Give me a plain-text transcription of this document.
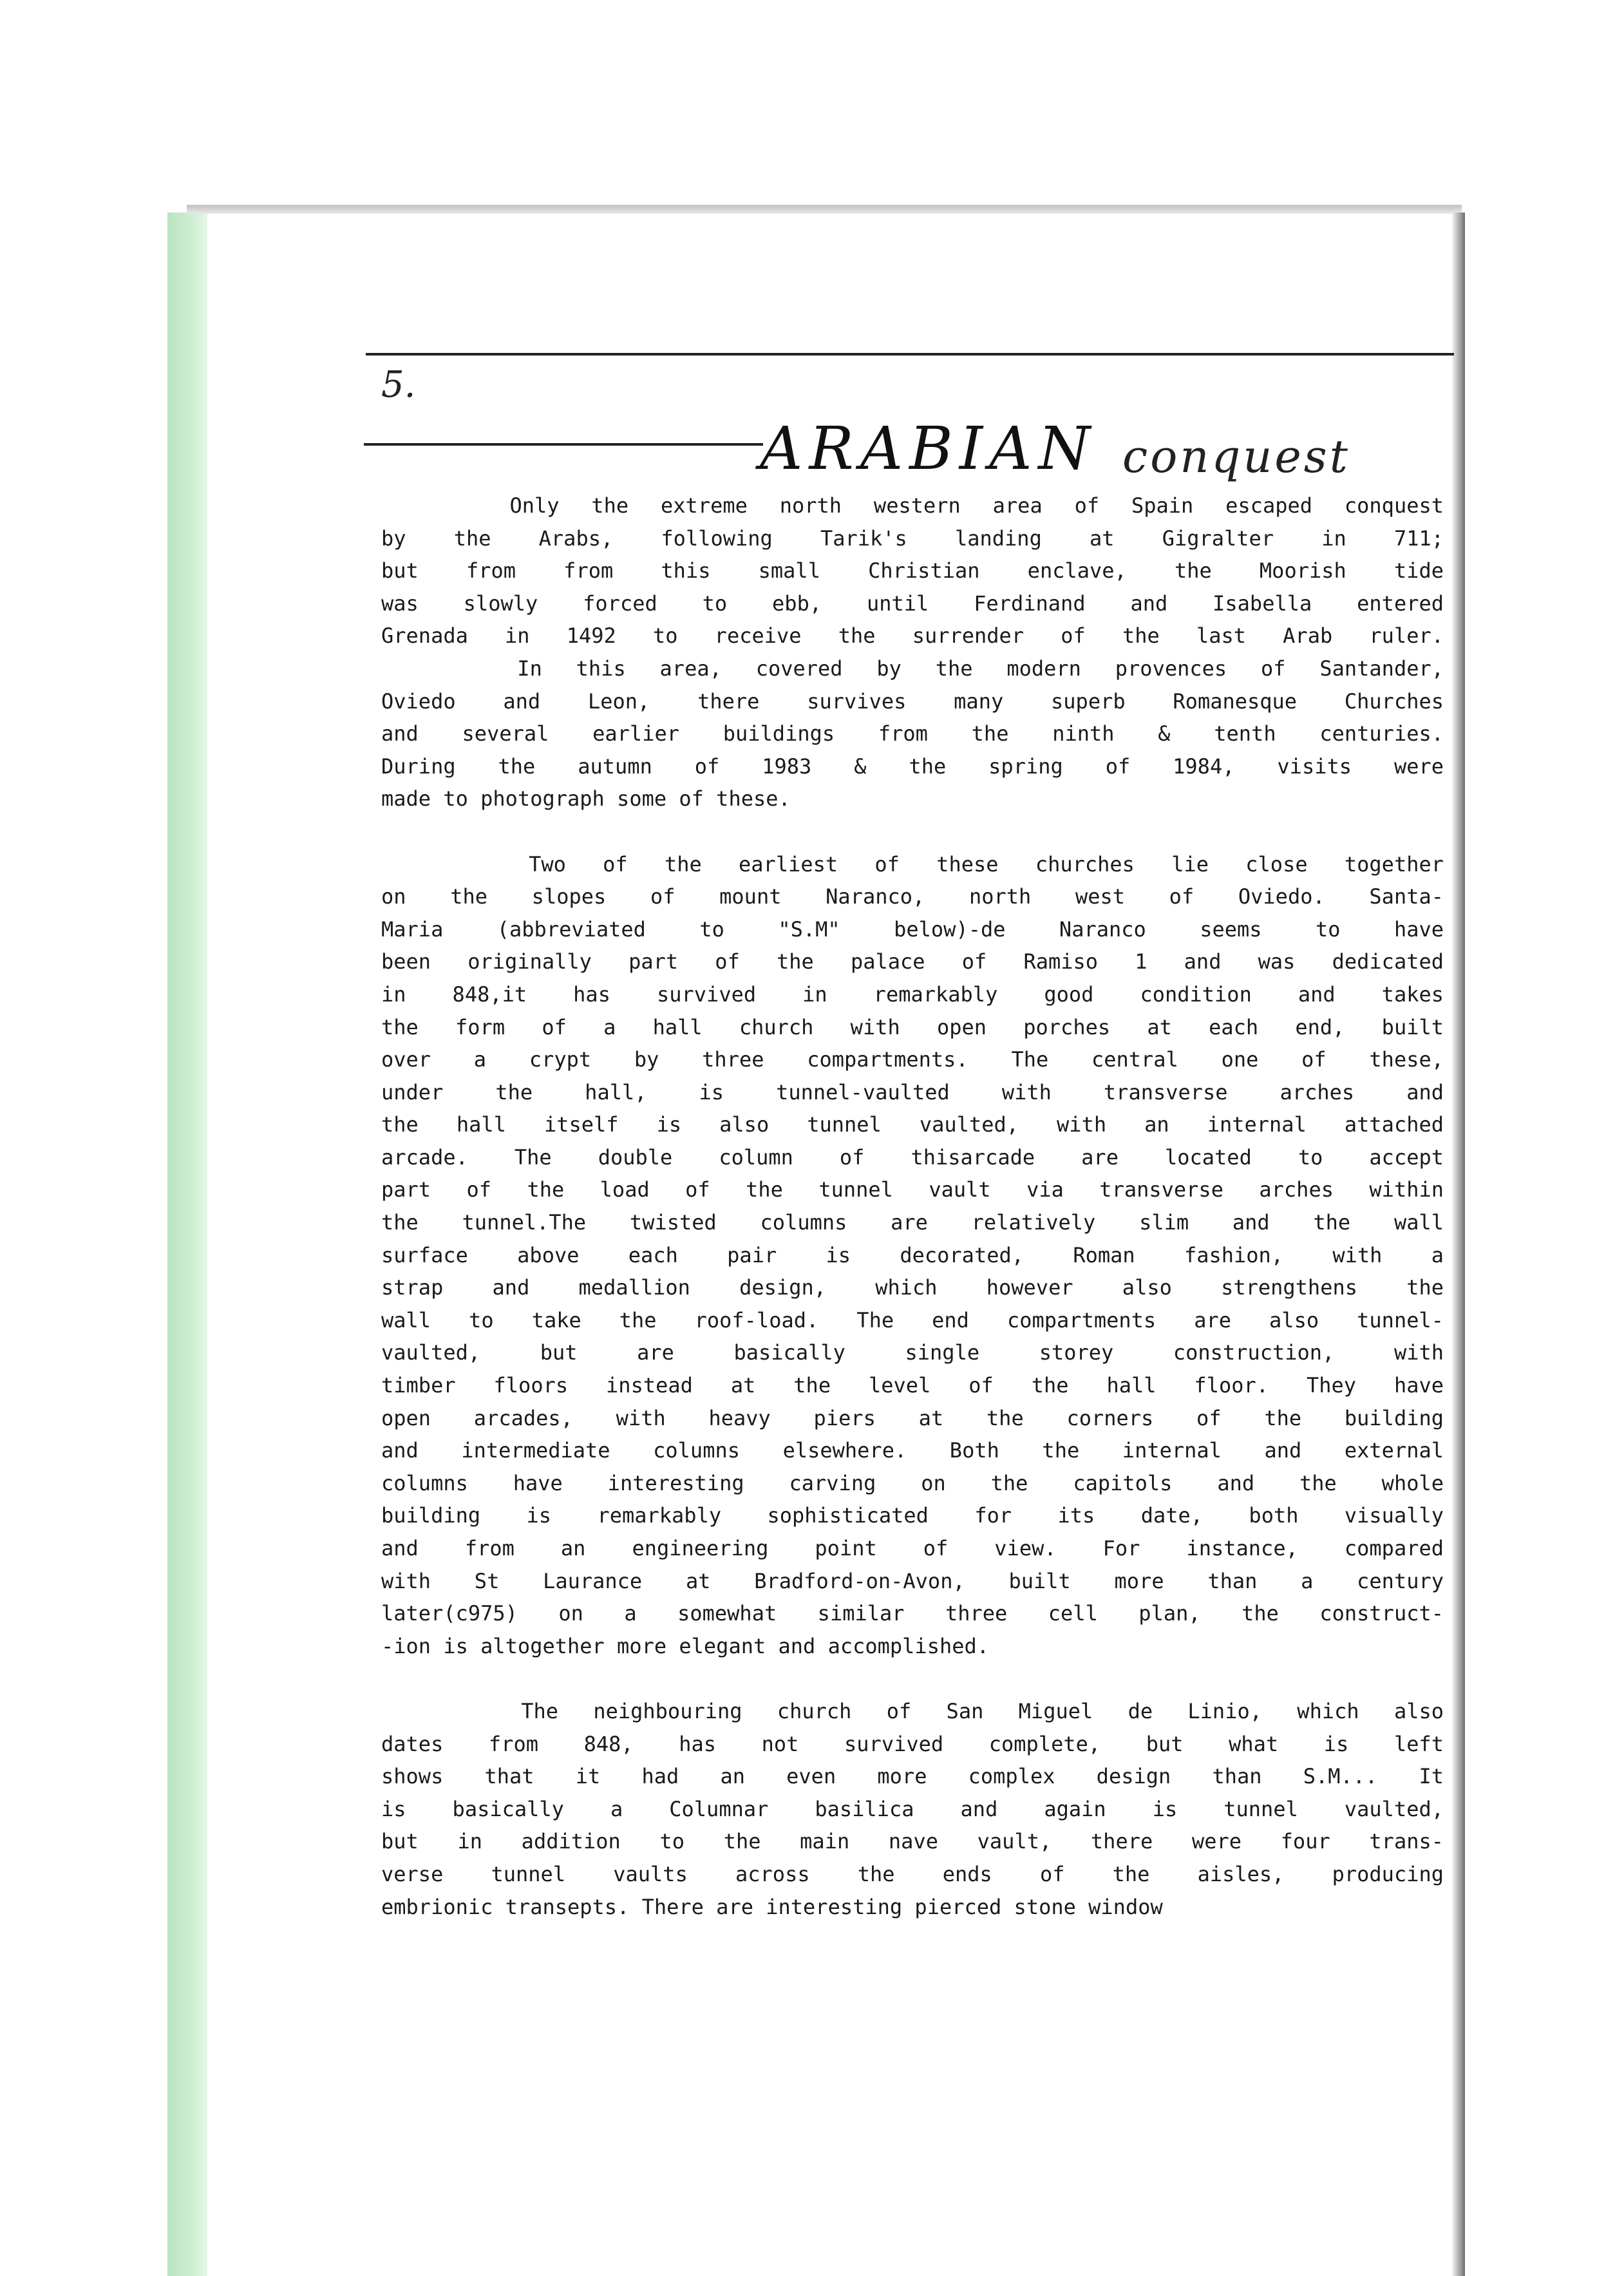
5.
ARABIAN conquest
Only the extreme north western area of Spain escaped conquest
by the Arabs, following Tarik's landing at Gigralter in 711;
but from from this small Christian enclave, the Moorish tide
was slowly forced to ebb, until Ferdinand and Isabella entered
Grenada in 1492 to receive the surrender of the last Arab ruler.
In this area, covered by the modern provences of Santander,
Oviedo and Leon, there survives many superb Romanesque Churches
and several earlier buildings from the ninth & tenth centuries.
During the autumn of 1983 & the spring of 1984, visits were
made to photograph some of these.
Two of the earliest of these churches lie close together
on the slopes of mount Naranco, north west of Oviedo. Santa-
Maria (abbreviated to "S.M" below)-de Naranco seems to have
been originally part of the palace of Ramiso 1 and was dedicated
in 848,it has survived in remarkably good condition and takes
the form of a hall church with open porches at each end, built
over a crypt by three compartments. The central one of these,
under the hall, is tunnel-vaulted with transverse arches and
the hall itself is also tunnel vaulted, with an internal attached
arcade. The double column of thisarcade are located to accept
part of the load of the tunnel vault via transverse arches within
the tunnel.The twisted columns are relatively slim and the wall
surface above each pair is decorated, Roman fashion, with a
strap and medallion design, which however also strengthens the
wall to take the roof-load. The end compartments are also tunnel-
vaulted, but are basically single storey construction, with
timber floors instead at the level of the hall floor. They have
open arcades, with heavy piers at the corners of the building
and intermediate columns elsewhere. Both the internal and external
columns have interesting carving on the capitols and the whole
building is remarkably sophisticated for its date, both visually
and from an engineering point of view. For instance, compared
with St Laurance at Bradford-on-Avon, built more than a century
later(c975) on a somewhat similar three cell plan, the construct-
-ion is altogether more elegant and accomplished.
The neighbouring church of San Miguel de Linio, which also
dates from 848, has not survived complete, but what is left
shows that it had an even more complex design than S.M... It
is basically a Columnar basilica and again is tunnel vaulted,
but in addition to the main nave vault, there were four trans-
verse tunnel vaults across the ends of the aisles, producing
embrionic transepts. There are interesting pierced stone window
